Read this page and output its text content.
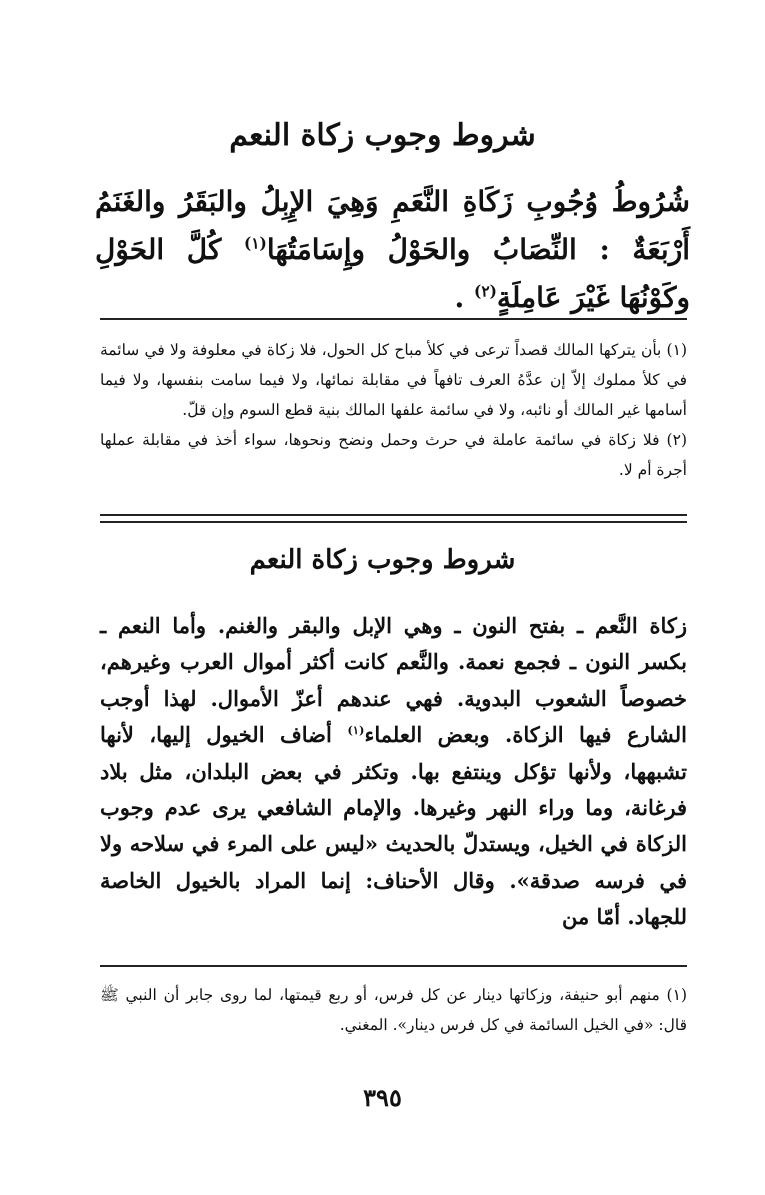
شروط وجوب زكاة النعم
شُرُوطُ وُجُوبِ زَكَاةِ النَّعَمِ وَهِيَ الإِبِلُ والبَقَرُ والغَنَمُ أَرْبَعَةٌ : النِّصَابُ والحَوْلُ وإِسَامَتُهَا$^{(١)}$ كُلَّ الحَوْلِ وكَوْنُهَا غَيْرَ عَامِلَةٍ$^{(٢)}$ .

(١) بأن يتركها المالك قصداً ترعى في كلأ مباح كل الحول، فلا زكاة في معلوفة ولا في سائمة في كلأ مملوك إلاّ إن عدَّهُ العرف تافهاً في مقابلة نمائها، ولا فيما سامت بنفسها، ولا فيما أسامها غير المالك أو نائبه، ولا في سائمة علفها المالك بنية قطع السوم وإن قلّ.

(٢) فلا زكاة في سائمة عاملة في حرث وحمل ونضح ونحوها، سواء أخذ في مقابلة عملها أجرة أم لا.

شروط وجوب زكاة النعم

زكاة النَّعم ـ بفتح النون ـ وهي الإبل والبقر والغنم. وأما النعم ـ بكسر النون ـ فجمع نعمة. والنَّعم كانت أكثر أموال العرب وغيرهم، خصوصاً الشعوب البدوية. فهي عندهم أعزّ الأموال. لهذا أوجب الشارع فيها الزكاة. وبعض العلماء$^{(١)}$ أضاف الخيول إليها، لأنها تشبهها، ولأنها تؤكل وينتفع بها. وتكثر في بعض البلدان، مثل بلاد فرغانة، وما وراء النهر وغيرها. والإمام الشافعي يرى عدم وجوب الزكاة في الخيل، ويستدلّ بالحديث «ليس على المرء في سلاحه ولا في فرسه صدقة». وقال الأحناف: إنما المراد بالخيول الخاصة للجهاد. أمّا من

(١) منهم أبو حنيفة، وزكاتها دينار عن كل فرس، أو ربع قيمتها، لما روى جابر أن النبي ﷺ قال: «في الخيل السائمة في كل فرس دينار». المغني.

٣٩٥
